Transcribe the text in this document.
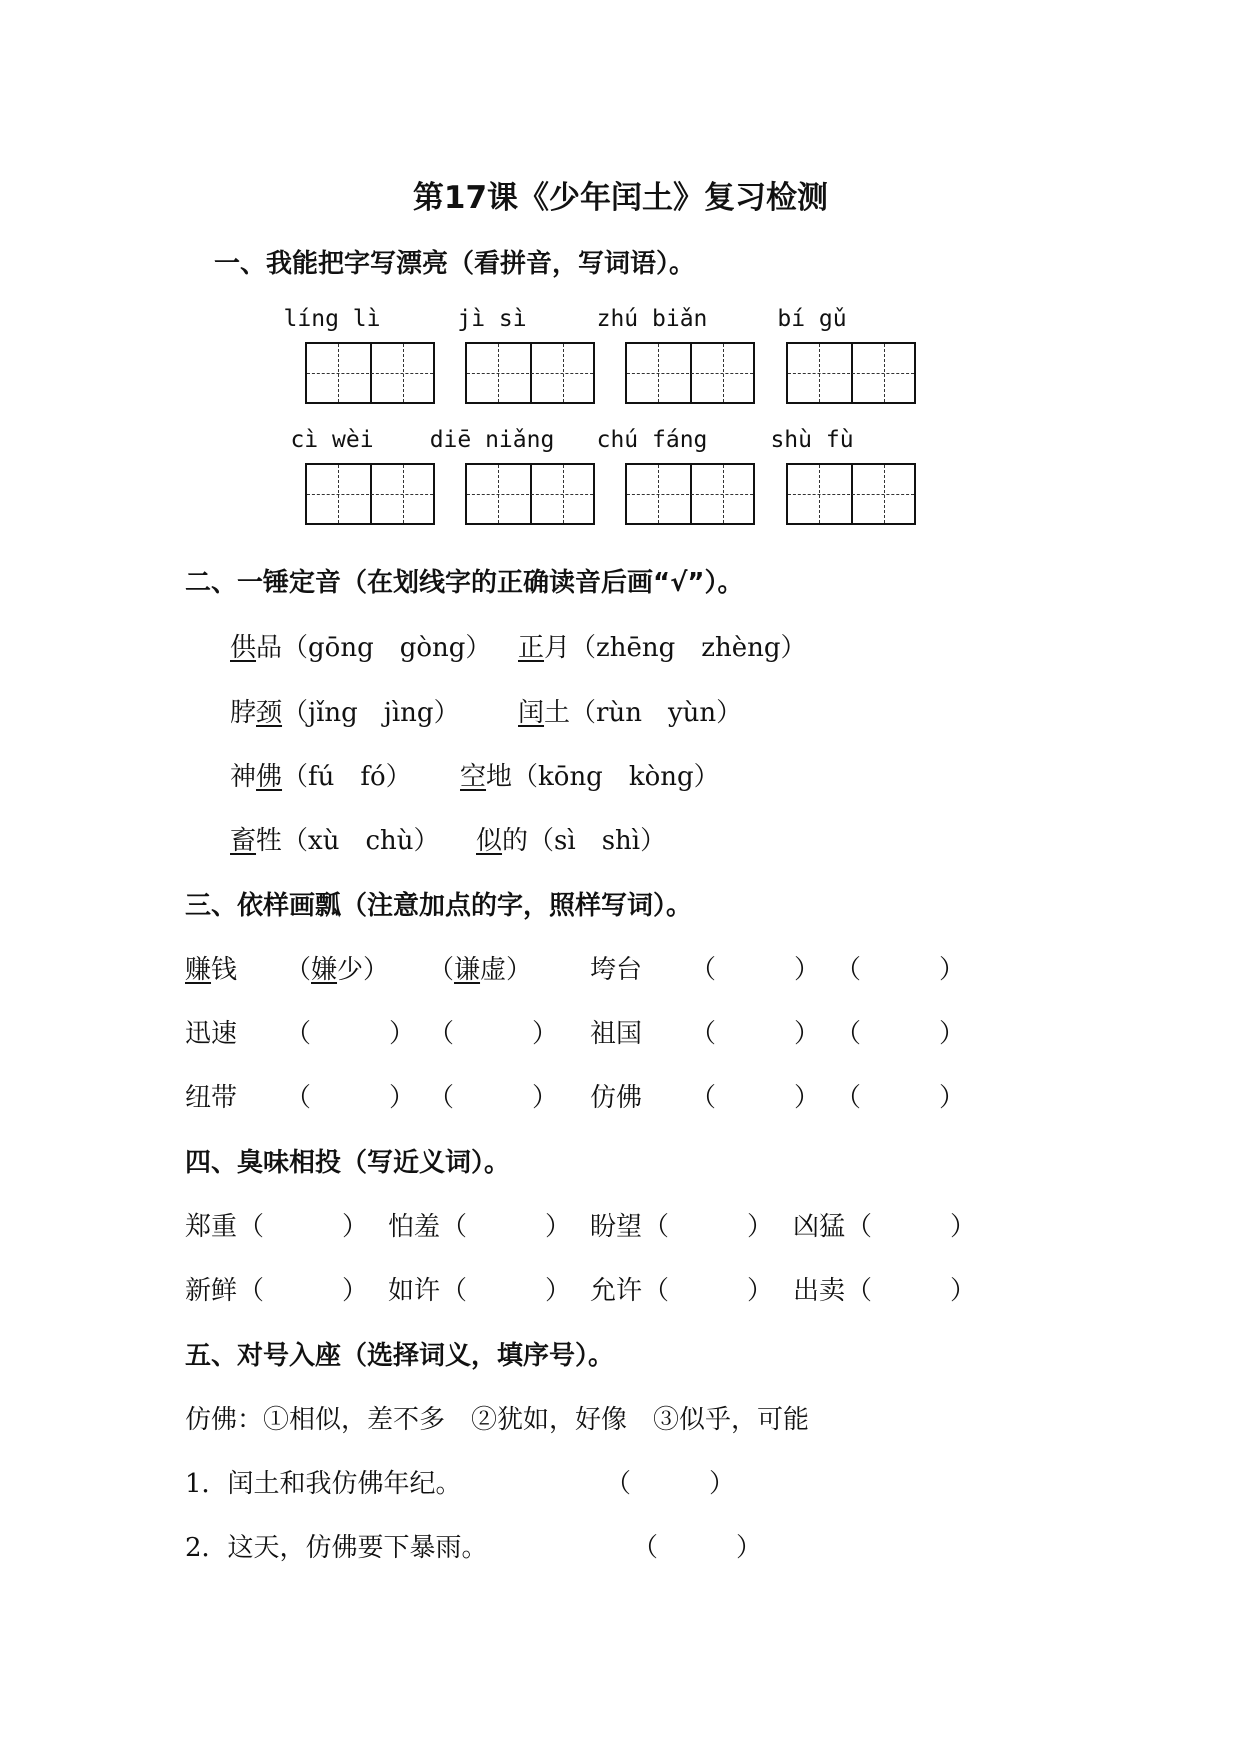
第17课《少年闰土》复习检测
一、我能把字写漂亮（看拼音，写词语）。
líng lì	jì sì	zhú biǎn	bí gǔ
cì wèi	diē niǎng	chú fáng	shù fù
二、一锤定音（在划线字的正确读音后画“√”）。
供品（gōng　gòng） 正月（zhēng　zhèng）
脖颈（jǐng　jìng） 闰土（rùn　yùn）
神佛（fú　fó） 空地（kōng　kòng）
畜牲（xù　chù） 似的（sì　shì）
三、依样画瓢（注意加点的字，照样写词）。
赚钱 （嫌少） （谦虚） 垮台 （　　　） （　　　）
迅速 （　　　） （　　　） 祖国 （　　　） （　　　）
纽带 （　　　） （　　　） 仿佛 （　　　） （　　　）
四、臭味相投（写近义词）。
郑重 （　　　） 怕羞 （　　　） 盼望 （　　　） 凶猛 （　　　）
新鲜 （　　　） 如许 （　　　） 允许 （　　　） 出卖 （　　　）
五、对号入座（选择词义，填序号）。
仿佛：①相似，差不多　②犹如，好像　③似乎，可能
1．闰土和我仿佛年纪。	（　　　）
2．这天，仿佛要下暴雨。	（　　　）
